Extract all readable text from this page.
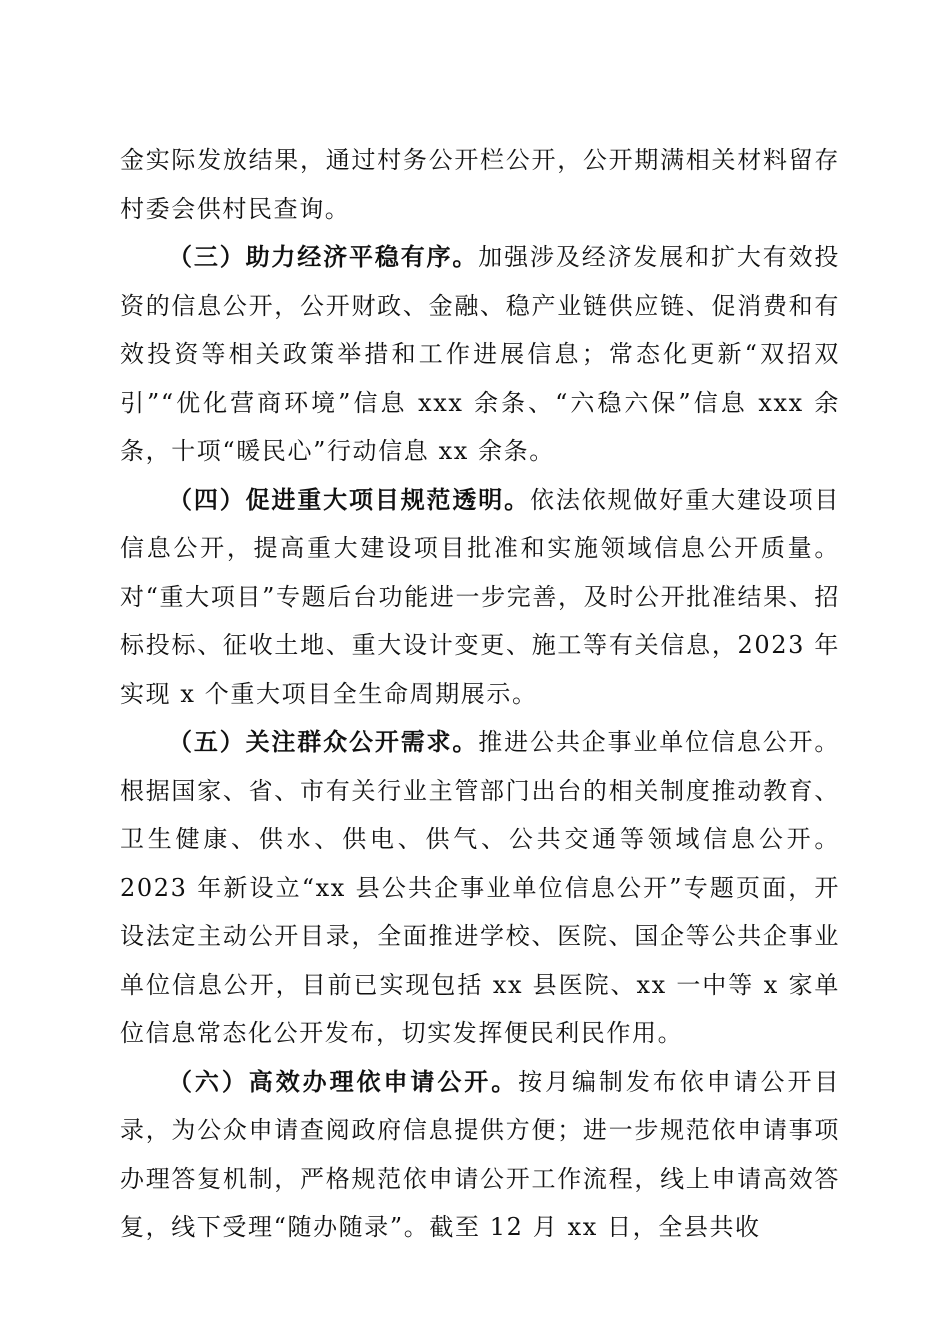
金实际发放结果，通过村务公开栏公开，公开期满相关材料留存村委会供村民查询。

（三）助力经济平稳有序。加强涉及经济发展和扩大有效投资的信息公开，公开财政、金融、稳产业链供应链、促消费和有效投资等相关政策举措和工作进展信息；常态化更新“双招双引”“优化营商环境”信息 xxx 余条、“六稳六保”信息 xxx 余条，十项“暖民心”行动信息 xx 余条。

（四）促进重大项目规范透明。依法依规做好重大建设项目信息公开，提高重大建设项目批准和实施领域信息公开质量。对“重大项目”专题后台功能进一步完善，及时公开批准结果、招标投标、征收土地、重大设计变更、施工等有关信息，2023 年实现 x 个重大项目全生命周期展示。

（五）关注群众公开需求。推进公共企事业单位信息公开。根据国家、省、市有关行业主管部门出台的相关制度推动教育、卫生健康、供水、供电、供气、公共交通等领域信息公开。2023 年新设立“xx 县公共企事业单位信息公开”专题页面，开设法定主动公开目录，全面推进学校、医院、国企等公共企事业单位信息公开，目前已实现包括 xx 县医院、xx 一中等 x 家单位信息常态化公开发布，切实发挥便民利民作用。

（六）高效办理依申请公开。按月编制发布依申请公开目录，为公众申请查阅政府信息提供方便；进一步规范依申请事项办理答复机制，严格规范依申请公开工作流程，线上申请高效答复，线下受理“随办随录”。截至 12 月 xx 日，全县共收
